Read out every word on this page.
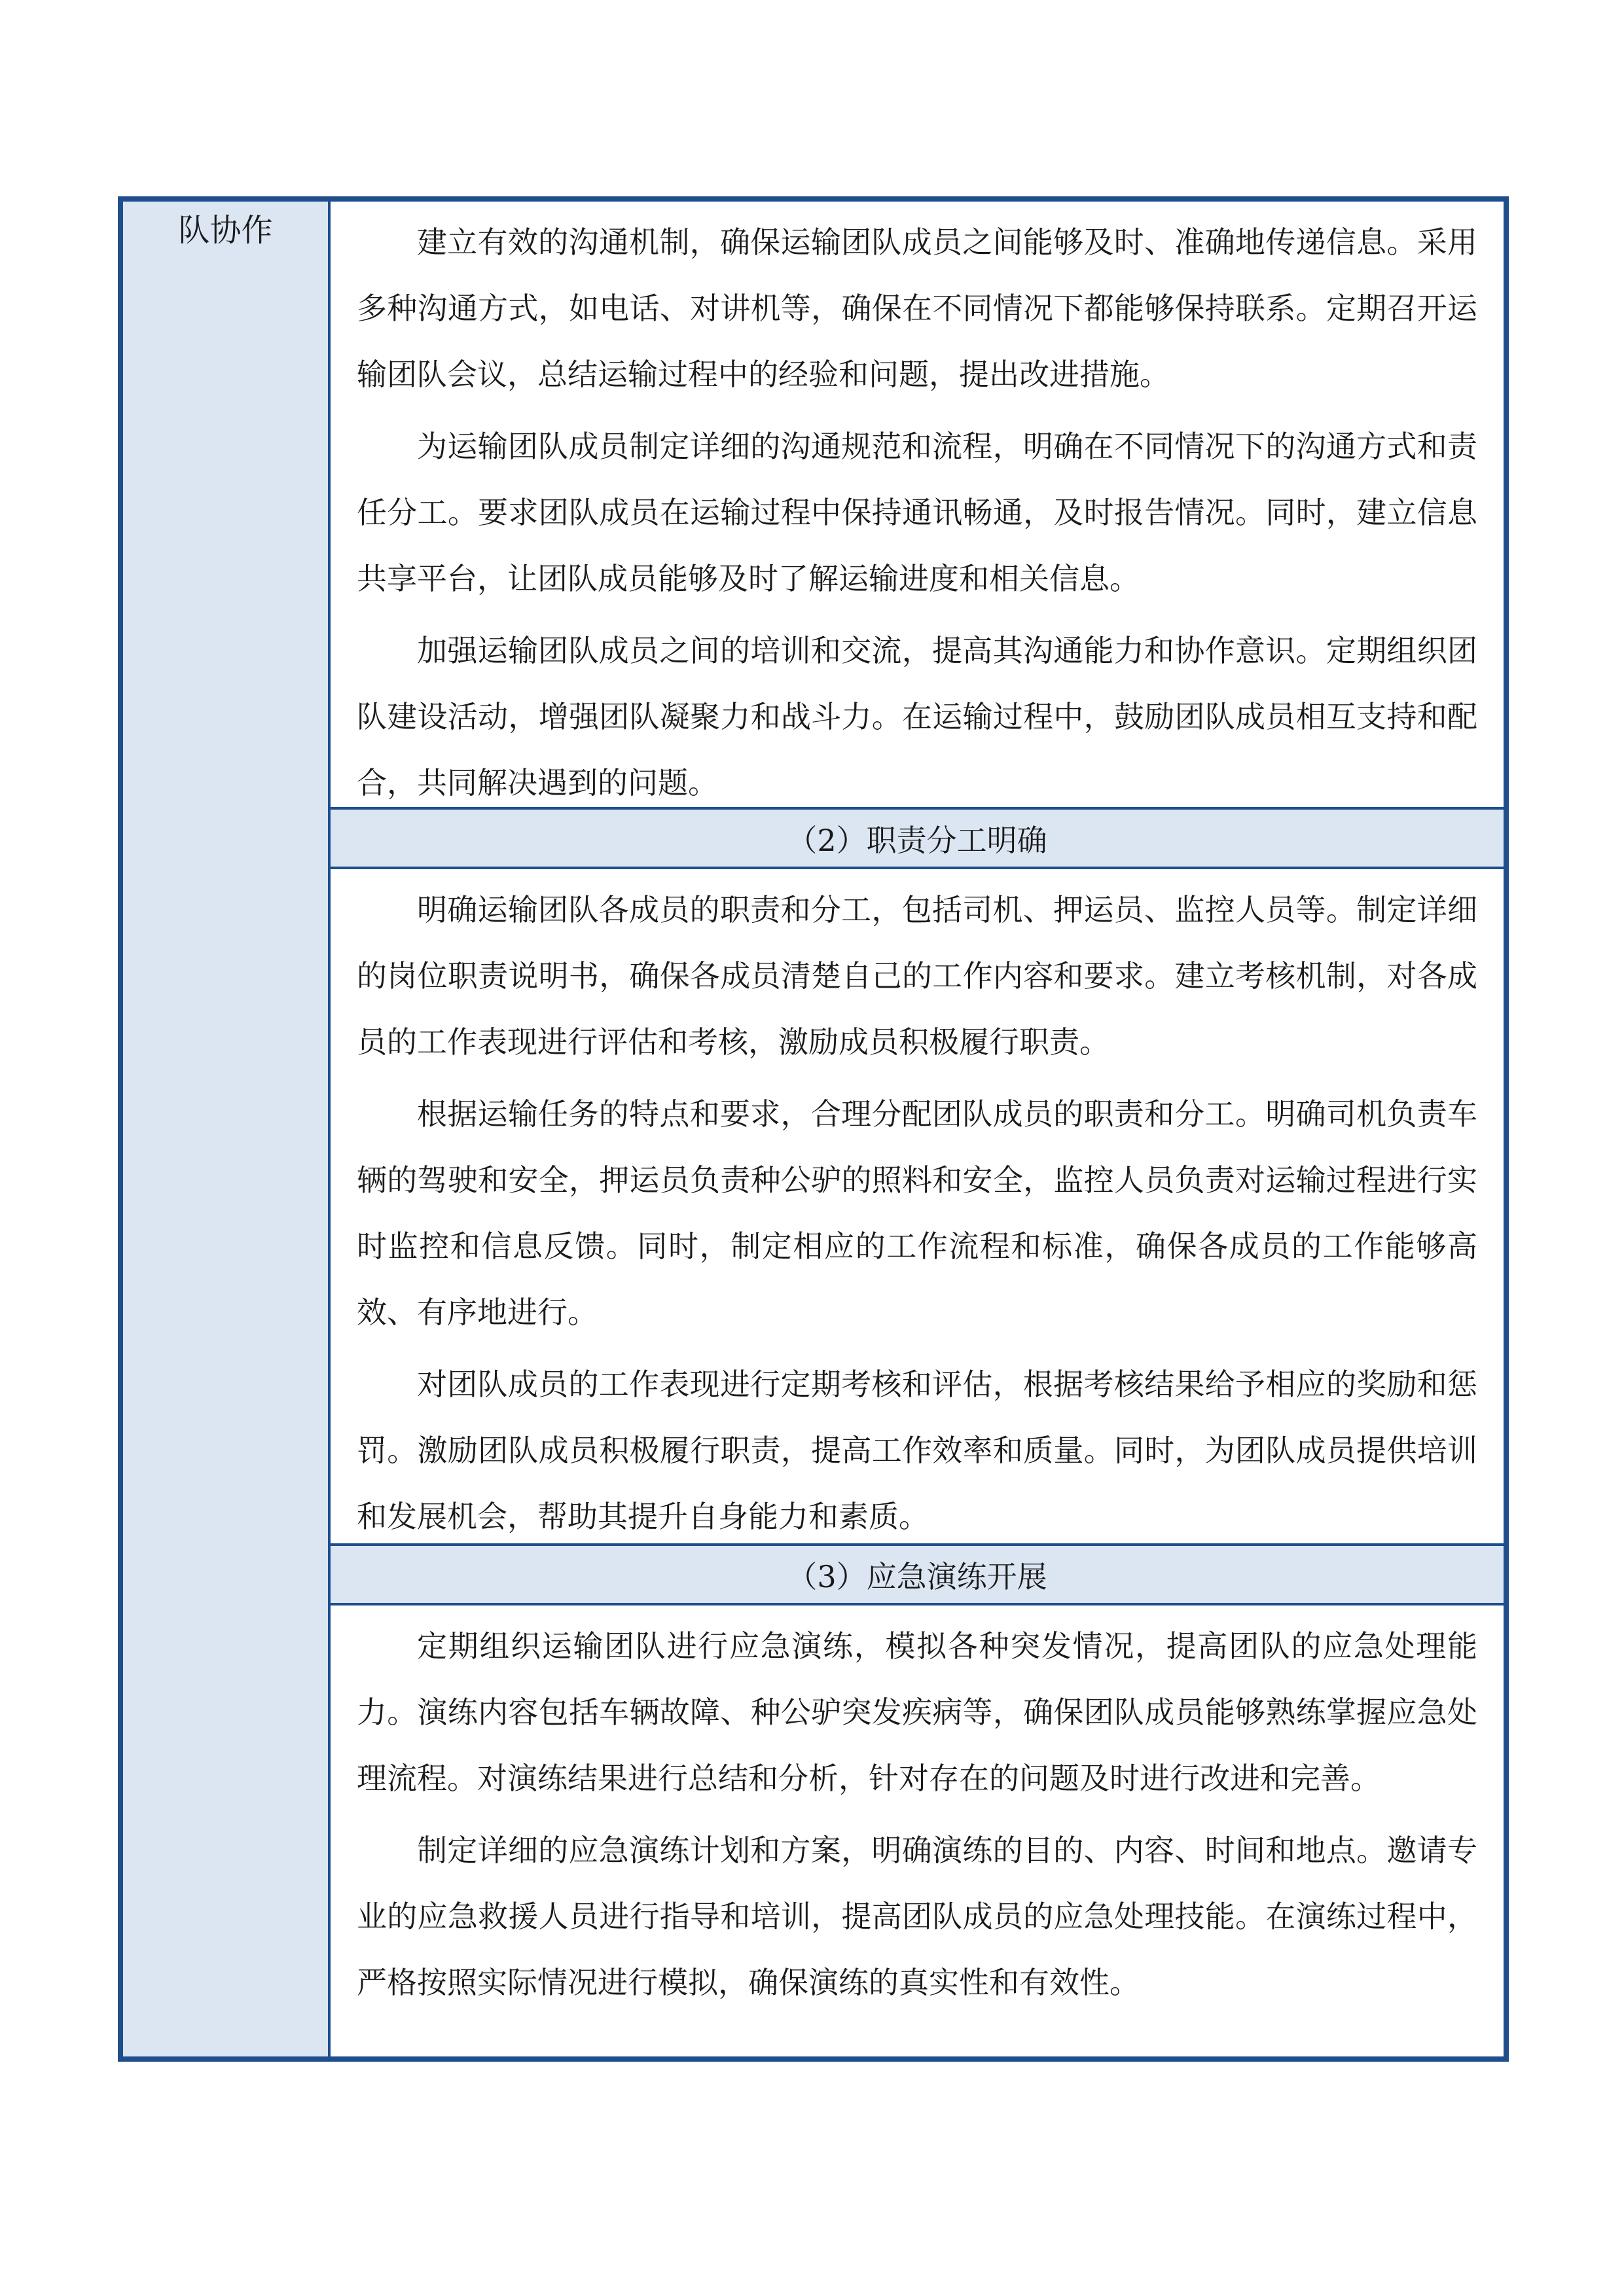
队协作	建立有效的沟通机制，确保运输团队成员之间能够及时、准确地传递信息。采用多种沟通方式，如电话、对讲机等，确保在不同情况下都能够保持联系。定期召开运输团队会议，总结运输过程中的经验和问题，提出改进措施。

为运输团队成员制定详细的沟通规范和流程，明确在不同情况下的沟通方式和责任分工。要求团队成员在运输过程中保持通讯畅通，及时报告情况。同时，建立信息共享平台，让团队成员能够及时了解运输进度和相关信息。

加强运输团队成员之间的培训和交流，提高其沟通能力和协作意识。定期组织团队建设活动，增强团队凝聚力和战斗力。在运输过程中，鼓励团队成员相互支持和配合，共同解决遇到的问题。

（2）职责分工明确

明确运输团队各成员的职责和分工，包括司机、押运员、监控人员等。制定详细的岗位职责说明书，确保各成员清楚自己的工作内容和要求。建立考核机制，对各成员的工作表现进行评估和考核，激励成员积极履行职责。

根据运输任务的特点和要求，合理分配团队成员的职责和分工。明确司机负责车辆的驾驶和安全，押运员负责种公驴的照料和安全，监控人员负责对运输过程进行实时监控和信息反馈。同时，制定相应的工作流程和标准，确保各成员的工作能够高效、有序地进行。

对团队成员的工作表现进行定期考核和评估，根据考核结果给予相应的奖励和惩罚。激励团队成员积极履行职责，提高工作效率和质量。同时，为团队成员提供培训和发展机会，帮助其提升自身能力和素质。

（3）应急演练开展

定期组织运输团队进行应急演练，模拟各种突发情况，提高团队的应急处理能力。演练内容包括车辆故障、种公驴突发疾病等，确保团队成员能够熟练掌握应急处理流程。对演练结果进行总结和分析，针对存在的问题及时进行改进和完善。

制定详细的应急演练计划和方案，明确演练的目的、内容、时间和地点。邀请专业的应急救援人员进行指导和培训，提高团队成员的应急处理技能。在演练过程中，严格按照实际情况进行模拟，确保演练的真实性和有效性。
